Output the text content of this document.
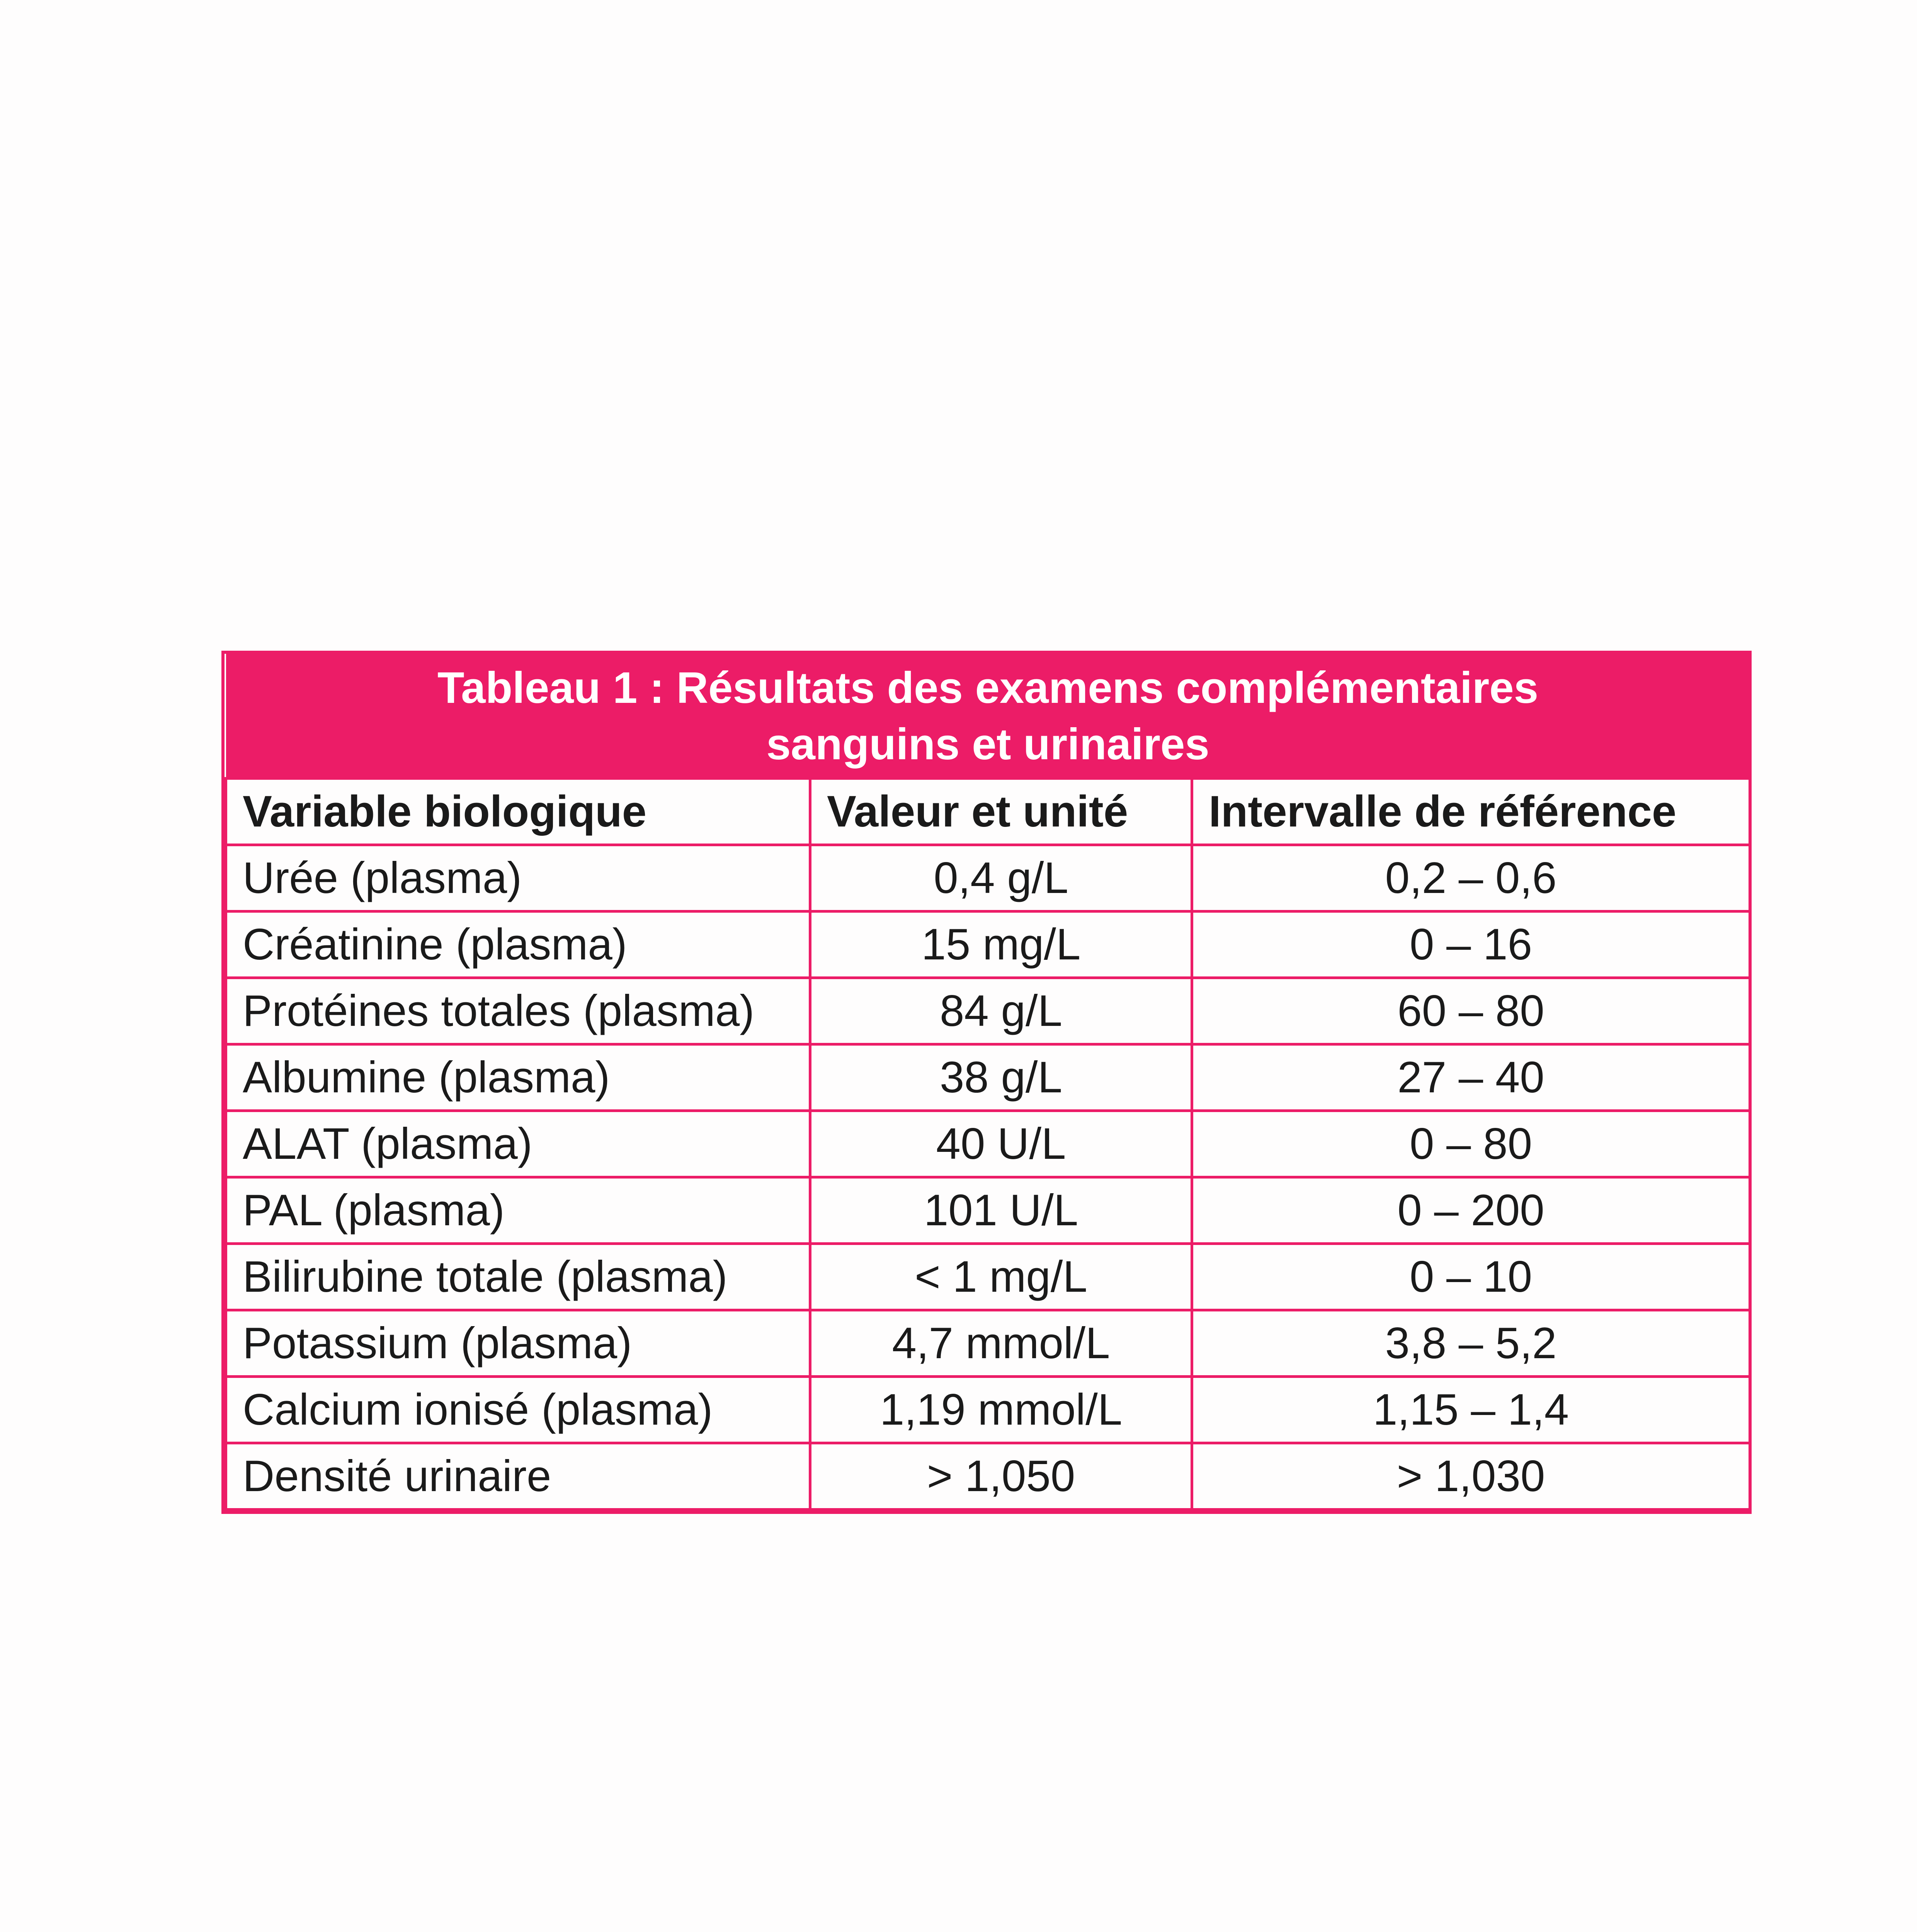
Tableau 1 : Résultats des examens complémentaires
sanguins et urinaires		

Variable biologique	Valeur et unité	Intervalle de référence
Urée (plasma)	0,4 g/L	0,2 – 0,6
Créatinine (plasma)	15 mg/L	0 – 16
Protéines totales (plasma)	84 g/L	60 – 80
Albumine (plasma)	38 g/L	27 – 40
ALAT (plasma)	40 U/L	0 – 80
PAL (plasma)	101 U/L	0 – 200
Bilirubine totale (plasma)	< 1 mg/L	0 – 10
Potassium (plasma)	4,7 mmol/L	3,8 – 5,2
Calcium ionisé (plasma)	1,19 mmol/L	1,15 – 1,4
Densité urinaire	> 1,050	> 1,030
